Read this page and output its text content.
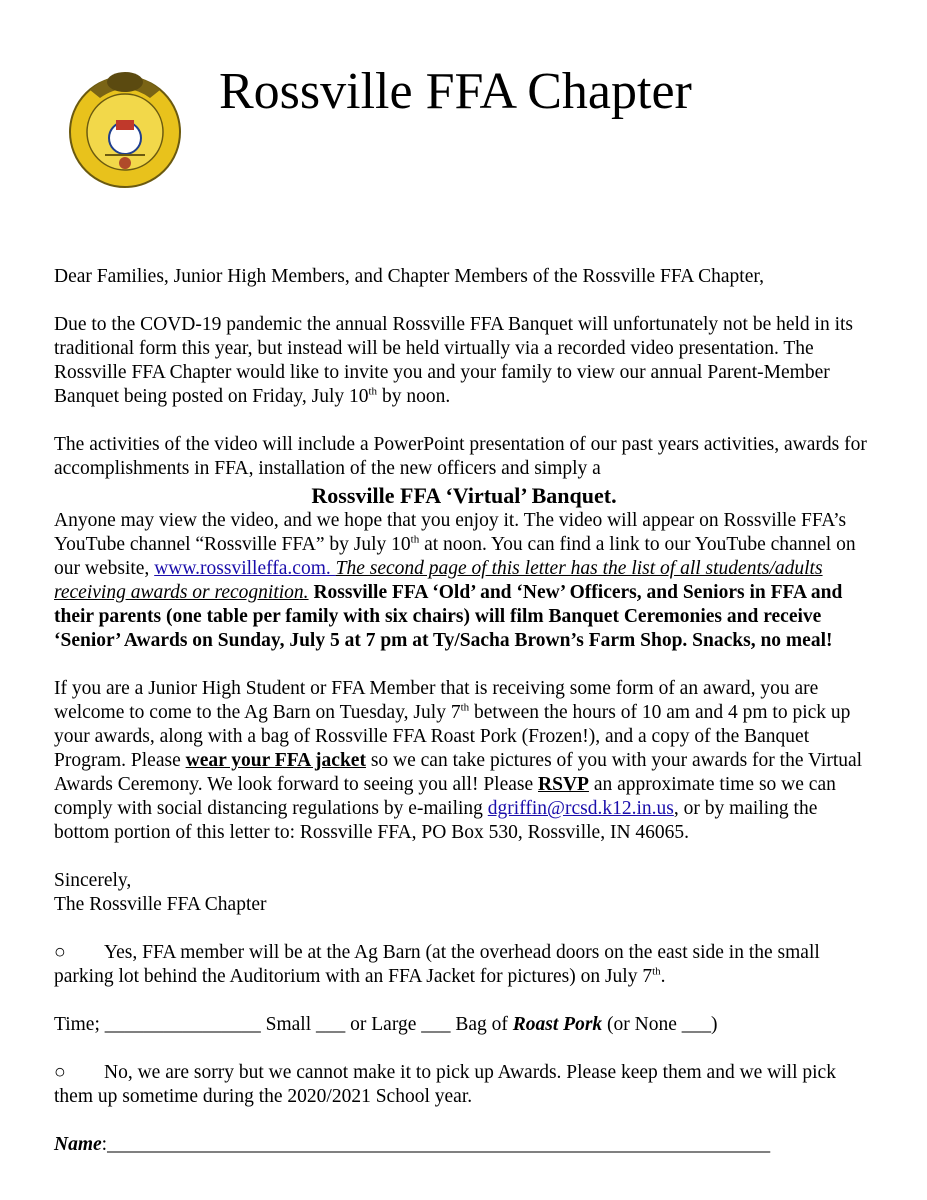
Rossville FFA Chapter

Dear Families, Junior High Members, and Chapter Members of the Rossville FFA Chapter,

Due to the COVD-19 pandemic the annual Rossville FFA Banquet will unfortunately not be held in its traditional form this year, but instead will be held virtually via a recorded video presentation. The Rossville FFA Chapter would like to invite you and your family to view our annual Parent-Member Banquet being posted on Friday, July 10th by noon.

The activities of the video will include a PowerPoint presentation of our past years activities, awards for accomplishments in FFA, installation of the new officers and simply a

Rossville FFA ‘Virtual’ Banquet.

Anyone may view the video, and we hope that you enjoy it. The video will appear on Rossville FFA’s YouTube channel “Rossville FFA” by July 10th at noon. You can find a link to our YouTube channel on our website, www.rossvilleffa.com. The second page of this letter has the list of all students/adults receiving awards or recognition. Rossville FFA ‘Old’ and ‘New’ Officers, and Seniors in FFA and their parents (one table per family with six chairs) will film Banquet Ceremonies and receive ‘Senior’ Awards on Sunday, July 5 at 7 pm at Ty/Sacha Brown’s Farm Shop. Snacks, no meal!

If you are a Junior High Student or FFA Member that is receiving some form of an award, you are welcome to come to the Ag Barn on Tuesday, July 7th between the hours of 10 am and 4 pm to pick up your awards, along with a bag of Rossville FFA Roast Pork (Frozen!), and a copy of the Banquet Program. Please wear your FFA jacket so we can take pictures of you with your awards for the Virtual Awards Ceremony. We look forward to seeing you all! Please RSVP an approximate time so we can comply with social distancing regulations by e-mailing dgriffin@rcsd.k12.in.us, or by mailing the bottom portion of this letter to: Rossville FFA, PO Box 530, Rossville, IN 46065.

Sincerely,

The Rossville FFA Chapter

○ Yes, FFA member will be at the Ag Barn (at the overhead doors on the east side in the small parking lot behind the Auditorium with an FFA Jacket for pictures) on July 7th.

Time; ________________ Small ___ or Large ___ Bag of Roast Pork (or None ___)

○ No, we are sorry but we cannot make it to pick up Awards. Please keep them and we will pick them up sometime during the 2020/2021 School year.

Name:____________________________________________________________________
